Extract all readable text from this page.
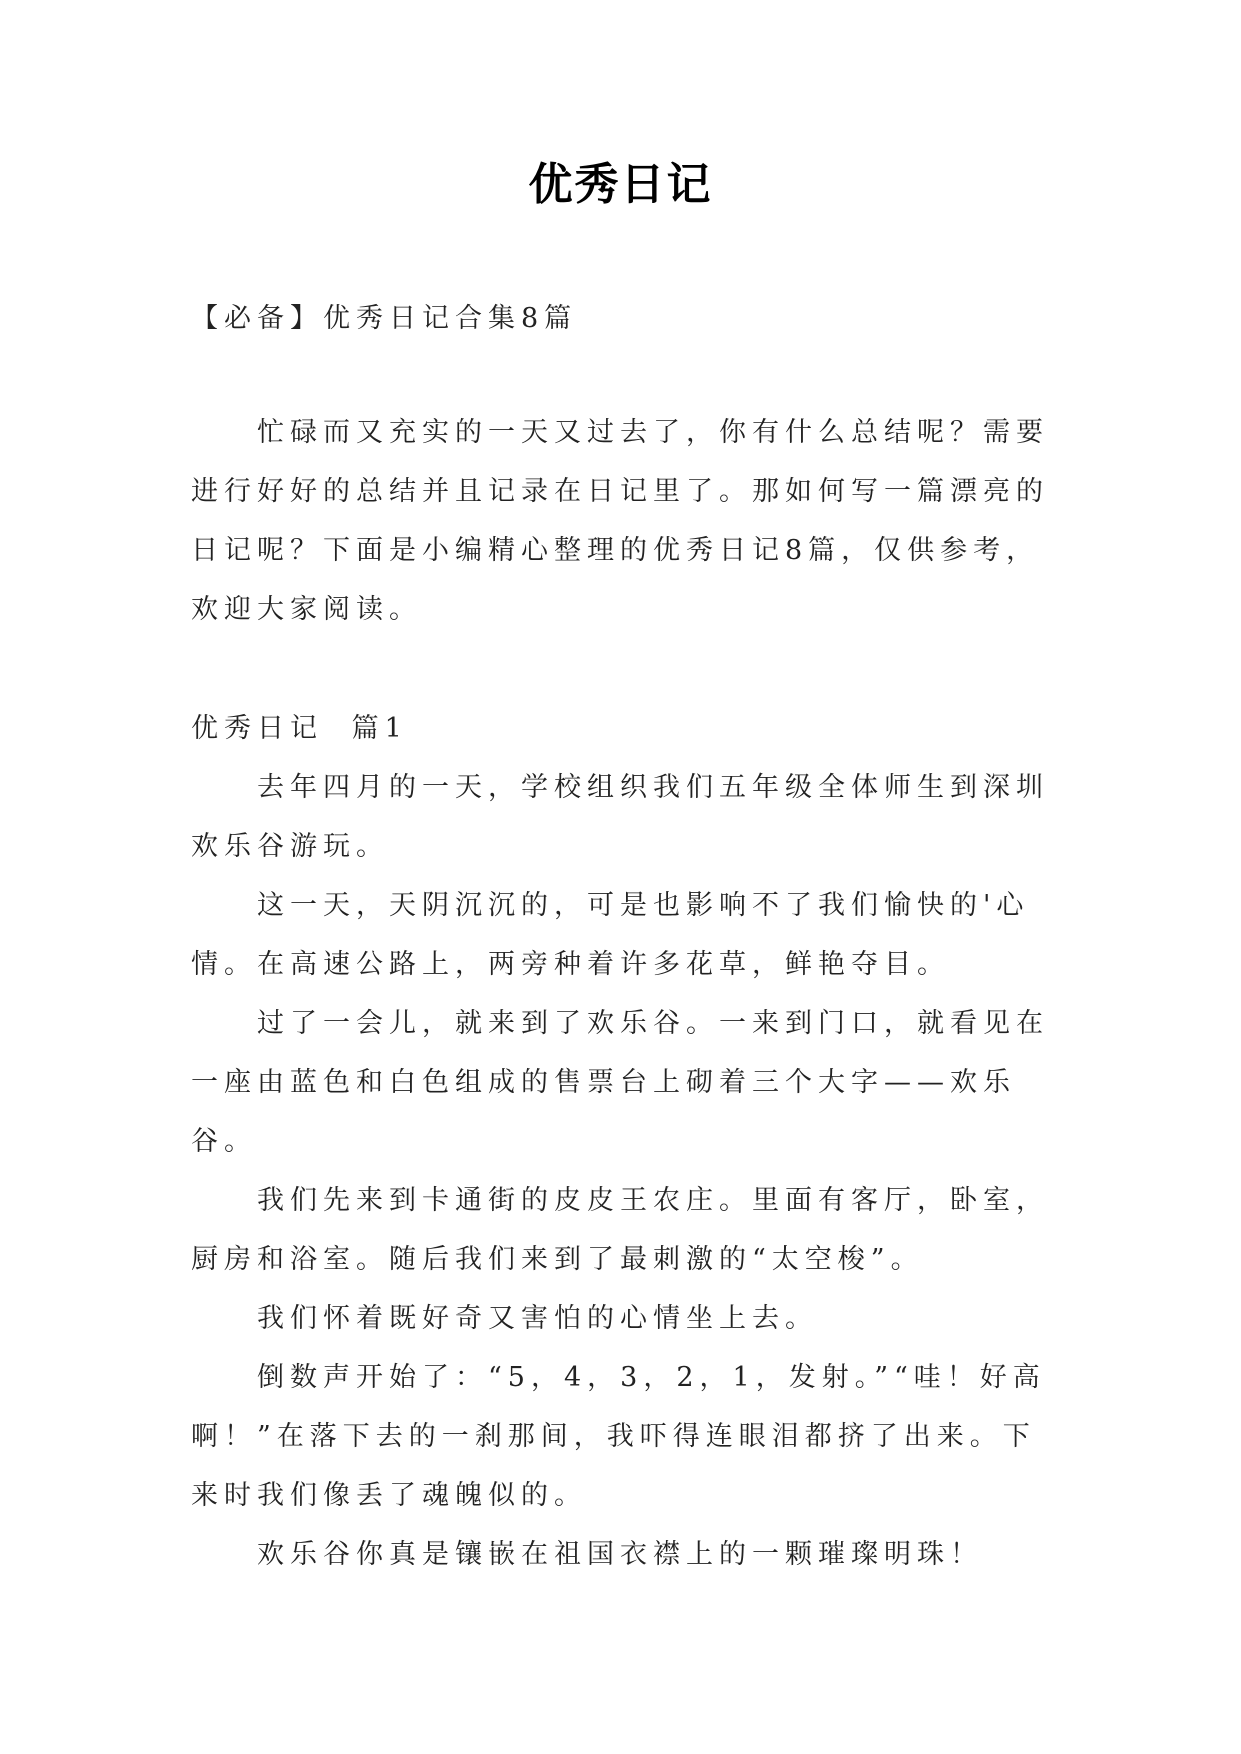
优秀日记
【必备】优秀日记合集8篇
忙碌而又充实的一天又过去了，你有什么总结呢？需要
进行好好的总结并且记录在日记里了。那如何写一篇漂亮的
日记呢？下面是小编精心整理的优秀日记8篇，仅供参考，
欢迎大家阅读。
优秀日记 篇1
去年四月的一天，学校组织我们五年级全体师生到深圳
欢乐谷游玩。
这一天，天阴沉沉的，可是也影响不了我们愉快的'心
情。在高速公路上，两旁种着许多花草，鲜艳夺目。
过了一会儿，就来到了欢乐谷。一来到门口，就看见在
一座由蓝色和白色组成的售票台上砌着三个大字——欢乐
谷。
我们先来到卡通街的皮皮王农庄。里面有客厅，卧室，
厨房和浴室。随后我们来到了最刺激的“太空梭”。
我们怀着既好奇又害怕的心情坐上去。
倒数声开始了：“5，4，3，2，1，发射。”“哇！好高
啊！”在落下去的一刹那间，我吓得连眼泪都挤了出来。下
来时我们像丢了魂魄似的。
欢乐谷你真是镶嵌在祖国衣襟上的一颗璀璨明珠！
